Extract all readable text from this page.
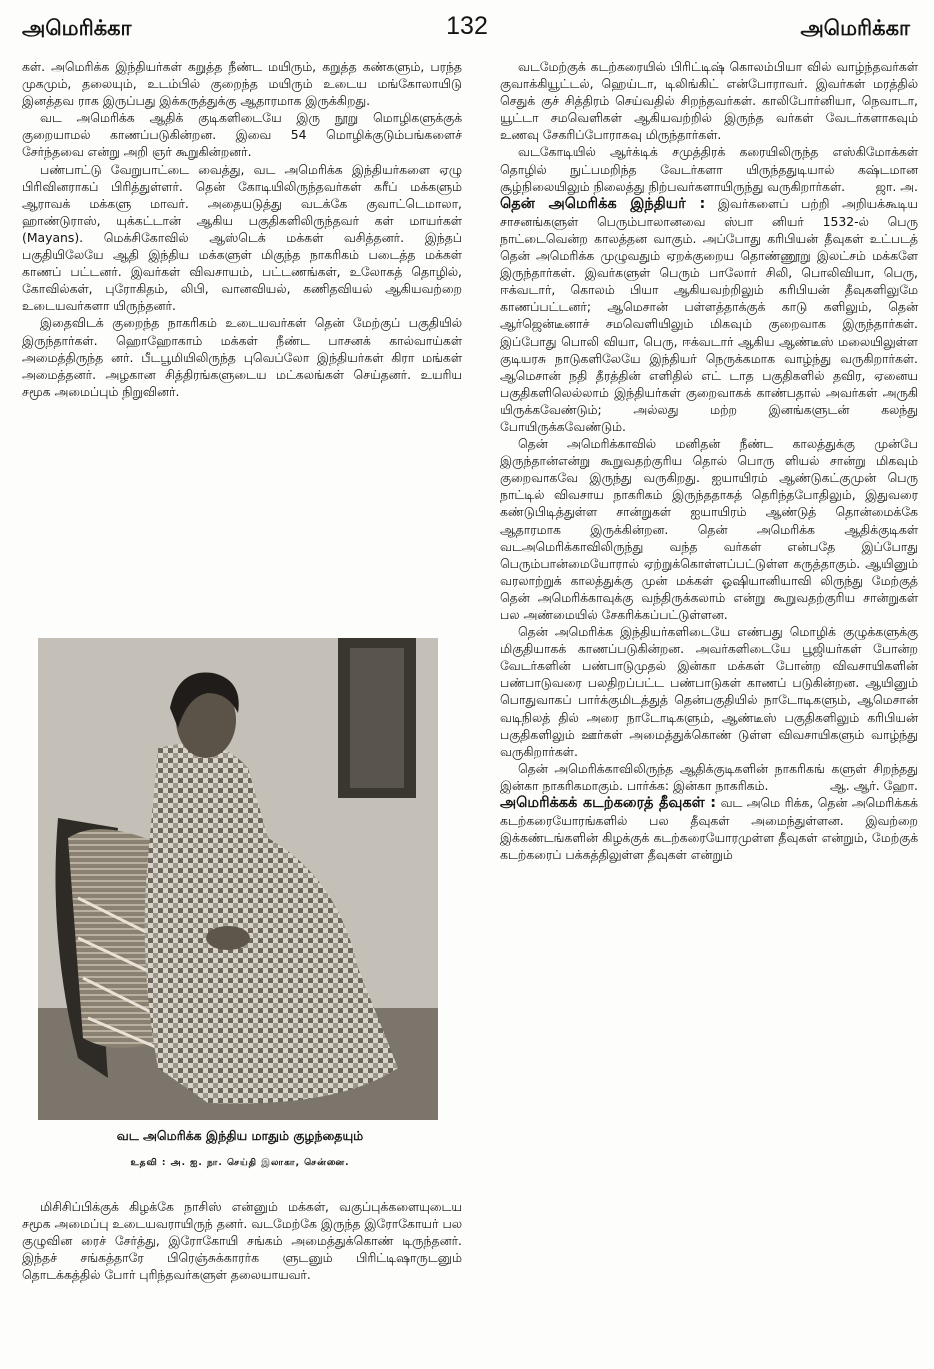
அமெரிக்கா	132	அமெரிக்கா

கள். அமெரிக்க இந்தியர்கள் கறுத்த நீண்ட மயிரும், கறுத்த கண்களும், பரந்த முகமும், தலையும், உடம்பில் குறைந்த மயிரும் உடைய மங்கோலாயிடு இனத்தவ ராக இருப்பது இக்கருத்துக்கு ஆதாரமாக இருக்கிறது.

வட அமெரிக்க ஆதிக் குடிகளிடையே இரு நூறு மொழிகளுக்குக் குறையாமல் காணப்படுகின்றன. இவை 54 மொழிக்குடும்பங்களைச் சேர்ந்தவை என்று அறி ஞர் கூறுகின்றனர்.

பண்பாட்டு வேறுபாட்டை வைத்து, வட அமெரிக்க இந்தியர்களை ஏழு பிரிவினராகப் பிரித்துள்ளர். தென் கோடியிலிருந்தவர்கள் கரீப் மக்களும் ஆராவக் மக்களு மாவர். அதையடுத்து வடக்கே குவாட்டெமாலா, ஹாண்டுராஸ், யுக்கட்டான் ஆகிய பகுதிகளிலிருந்தவர் கள் மாயர்கள் (Mayans). மெக்சிகோவில் ஆஸ்டெக் மக்கள் வசித்தனர். இந்தப் பகுதியிலேயே ஆதி இந்திய மக்களுள் மிகுந்த நாகரிகம் படைத்த மக்கள் காணப் பட்டனர். இவர்கள் விவசாயம், பட்டணங்கள், உலோகத் தொழில், கோவில்கள், புரோகிதம், லிபி, வானவியல், கணிதவியல் ஆகியவற்றை உடையவர்களா யிருந்தனர்.

இதைவிடக் குறைந்த நாகரிகம் உடையவர்கள் தென் மேற்குப் பகுதியில் இருந்தார்கள். ஹொஹோகாம் மக்கள் நீண்ட பாசனக் கால்வாய்கள் அமைத்திருந்த னர். பீடபூமியிலிருந்த புவெப்லோ இந்தியர்கள் கிரா மங்கள் அமைத்தனர். அழகான சித்திரங்களுடைய மட்கலங்கள் செய்தனர். உயரிய சமூக அமைப்பும் நிறுவினர்.

வட அமெரிக்க இந்திய மாதும் குழந்தையும்
உதவி : அ. ஐ. நா. செய்தி இலாகா, சென்னை.

மிசிசிப்பிக்குக் கிழக்கே நாசிஸ் என்னும் மக்கள், வகுப்புக்களையுடைய சமூக அமைப்பு உடையவராயிருந் தனர். வடமேற்கே இருந்த இரோகோயர் பல குழுவின ரைச் சேர்த்து, இரோகோயி சங்கம் அமைத்துக்கொண் டிருந்தனர். இந்தச் சங்கத்தாரே பிரெஞ்சுக்காரர்க ளுடனும் பிரிட்டிஷாருடனும் தொடக்கத்தில் போர் புரிந்தவர்களுள் தலையாயவர்.

வடமேற்குக் கடற்கரையில் பிரிட்டிஷ் கொலம்பியா வில் வாழ்ந்தவர்கள் குவாக்கியூட்டல், ஹெய்டா, டிலிங்கிட் என்போராவர். இவர்கள் மரத்தில் செதுக் குச் சித்திரம் செய்வதில் சிறந்தவர்கள். காலிபோர்னியா, நெவாடா, யூட்டா சமவெளிகள் ஆகியவற்றில் இருந்த வர்கள் வேடர்களாகவும் உணவு சேகரிப்போராகவு மிருந்தார்கள்.

வடகோடியில் ஆர்க்டிக் சமுத்திரக் கரையிலிருந்த எஸ்கிமோக்கள் தொழில் நுட்பமறிந்த வேடர்களா யிருந்ததுடியால் கஷ்டமான சூழ்நிலையிலும் நிலைத்து நிற்பவர்களாயிருந்து வருகிறார்கள்.	ஜா. அ.

தென் அமெரிக்க இந்தியர் : இவர்களைப் பற்றி அறியக்கூடிய சாசனங்களுள் பெரும்பாலானவை ஸ்பா னியர் 1532-ல் பெரு நாட்டைவென்ற காலத்தன வாகும். அப்போது கரிபியன் தீவுகள் உட்படத் தென் அமெரிக்க முழுவதும் ஏறக்குறைய தொண்ணூறு இலட்சம் மக்களே இருந்தார்கள். இவர்களுள் பெரும் பாலோர் சிலி, பொலிவியா, பெரு, ஈக்வடார், கொலம் பியா ஆகியவற்றிலும் கரிபியன் தீவுகளிலுமே காணப்பட்டனர்; ஆமெசான் பள்ளத்தாக்குக் காடு களிலும், தென் ஆர்ஜென்டீனாச் சமவெளியிலும் மிகவும் குறைவாக இருந்தார்கள். இப்போது பொலி வியா, பெரு, ஈக்வடார் ஆகிய ஆண்டீஸ் மலையிலுள்ள குடியரசு நாடுகளிலேயே இந்தியர் நெருக்கமாக வாழ்ந்து வருகிறார்கள். ஆமெசான் நதி தீரத்தின் எளிதில் எட் டாத பகுதிகளில் தவிர, ஏனைய பகுதிகளிலெல்லாம் இந்தியர்கள் குறைவாகக் காண்பதால் அவர்கள் அருகி யிருக்கவேண்டும்; அல்லது மற்ற இனங்களுடன் கலந்து போயிருக்கவேண்டும்.

தென் அமெரிக்காவில் மனிதன் நீண்ட காலத்துக்கு முன்பே இருந்தான்என்று கூறுவதற்குரிய தொல் பொரு ளியல் சான்று மிகவும் குறைவாகவே இருந்து வருகிறது. ஐயாயிரம் ஆண்டுகட்குமுன் பெரு நாட்டில் விவசாய நாகரிகம் இருந்ததாகத் தெரிந்தபோதிலும், இதுவரை கண்டுபிடித்துள்ள சான்றுகள் ஐயாயிரம் ஆண்டுத் தொன்மைக்கே ஆதாரமாக இருக்கின்றன. தென் அமெரிக்க ஆதிக்குடிகள் வடஅமெரிக்காவிலிருந்து வந்த வர்கள் என்பதே இப்போது பெரும்பான்மையோரால் ஏற்றுக்கொள்ளப்பட்டுள்ள கருத்தாகும். ஆயினும் வரலாற்றுக் காலத்துக்கு முன் மக்கள் ஓஷியானியாவி லிருந்து மேற்குத் தென் அமெரிக்காவுக்கு வந்திருக்கலாம் என்று கூறுவதற்குரிய சான்றுகள் பல அண்மையில் சேகரிக்கப்பட்டுள்ளன.

தென் அமெரிக்க இந்தியர்களிடையே எண்பது மொழிக் குழுக்களுக்கு மிகுதியாகக் காணப்படுகின்றன. அவர்களிடையே பூஜியர்கள் போன்ற வேடர்களின் பண்பாடுமுதல் இன்கா மக்கள் போன்ற விவசாயிகளின் பண்பாடுவரை பலதிறப்பட்ட பண்பாடுகள் காணப் படுகின்றன. ஆயினும் பொதுவாகப் பார்க்குமிடத்துத் தென்பகுதியில் நாடோடிகளும், ஆமெசான் வடிநிலத் தில் அரை நாடோடிகளும், ஆண்டீஸ் பகுதிகளிலும் கரிபியன் பகுதிகளிலும் ஊர்கள் அமைத்துக்கொண் டுள்ள விவசாயிகளும் வாழ்ந்து வருகிறார்கள்.

தென் அமெரிக்காவிலிருந்த ஆதிக்குடிகளின் நாகரிகங் களுள் சிறந்தது இன்கா நாகரிகமாகும். பார்க்க: இன்கா நாகரிகம்.	ஆ. ஆர். ஹோ.

அமெரிக்கக் கடற்கரைத் தீவுகள் : வட அமெ ரிக்க, தென் அமெரிக்கக் கடற்கரையோரங்களில் பல தீவுகள் அமைந்துள்ளன. இவற்றை இக்கண்டங்களின் கிழக்குக் கடற்கரையோரமுள்ள தீவுகள் என்றும், மேற்குக் கடற்கரைப் பக்கத்திலுள்ள தீவுகள் என்றும்
